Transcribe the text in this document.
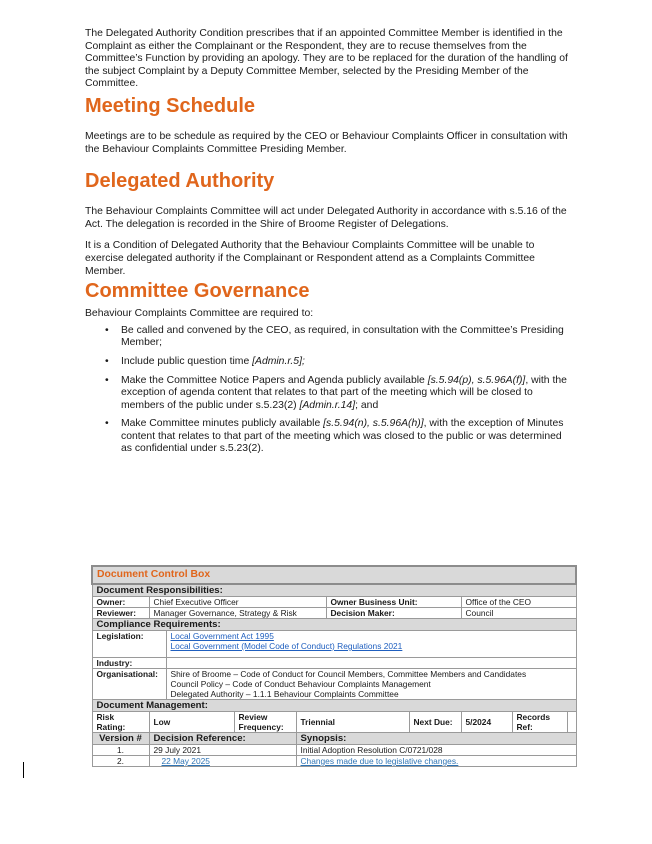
The Delegated Authority Condition prescribes that if an appointed Committee Member is identified in the Complaint as either the Complainant or the Respondent, they are to recuse themselves from the Committee’s Function by providing an apology. They are to be replaced for the duration of the handling of the subject Complaint by a Deputy Committee Member, selected by the Presiding Member of the Committee.

Meeting Schedule

Meetings are to be schedule as required by the CEO or Behaviour Complaints Officer in consultation with the Behaviour Complaints Committee Presiding Member.

Delegated Authority

The Behaviour Complaints Committee will act under Delegated Authority in accordance with s.5.16 of the Act. The delegation is recorded in the Shire of Broome Register of Delegations.

It is a Condition of Delegated Authority that the Behaviour Complaints Committee will be unable to exercise delegated authority if the Complainant or Respondent attend as a Complaints Committee Member.

Committee Governance

Behaviour Complaints Committee are required to:

• Be called and convened by the CEO, as required, in consultation with the Committee’s Presiding Member;
• Include public question time [Admin.r.5];
• Make the Committee Notice Papers and Agenda publicly available [s.5.94(p), s.5.96A(f)], with the exception of agenda content that relates to that part of the meeting which will be closed to members of the public under s.5.23(2) [Admin.r.14]; and
• Make Committee minutes publicly available [s.5.94(n), s.5.96A(h)], with the exception of Minutes content that relates to that part of the meeting which was closed to the public or was determined as confidential under s.5.23(2).
Document Control Box									
Document Responsibilities:									
Owner:	Chief Executive Officer				Owner Business Unit:		Office of the CEO		
Reviewer:	Manager Governance, Strategy & Risk				Decision Maker:		Council		
Compliance Requirements:									
Legislation:		Local Government Act 1995
Local Government (Model Code of Conduct) Regulations 2021							

Industry:									
Organisational:		Shire of Broome – Code of Conduct for Council Members, Committee Members and Candidates
Council Policy – Code of Conduct Behaviour Complaints Management
Delegated Authority – 1.1.1 Behaviour Complaints Committee							

Document Management:									
Risk Rating:	Low		Review Frequency:	Triennial		Next Due:	5/2024	Records Ref:	
Version #	Decision Reference:			Synopsis:					
1.	29 July 2021			Initial Adoption Resolution C/0721/028					
2.	22 May 2025			Changes made due to legislative changes.					
